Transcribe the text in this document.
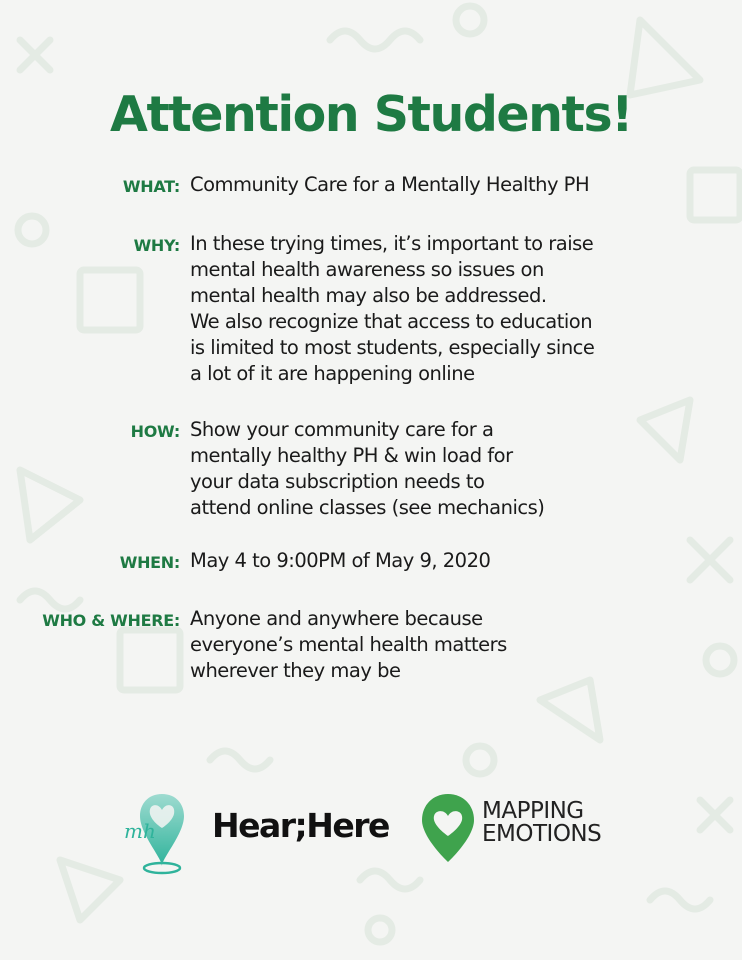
Attention Students!
WHAT: Community Care for a Mentally Healthy PH
WHY: In these trying times, it’s important to raise
mental health awareness so issues on
mental health may also be addressed.
We also recognize that access to education
is limited to most students, especially since
a lot of it are happening online
HOW: Show your community care for a
mentally healthy PH & win load for
your data subscription needs to
attend online classes (see mechanics)
WHEN: May 4 to 9:00PM of May 9, 2020
WHO & WHERE: Anyone and anywhere because
everyone’s mental health matters
wherever they may be
mh Hear;Here	MAPPING
EMOTIONS
